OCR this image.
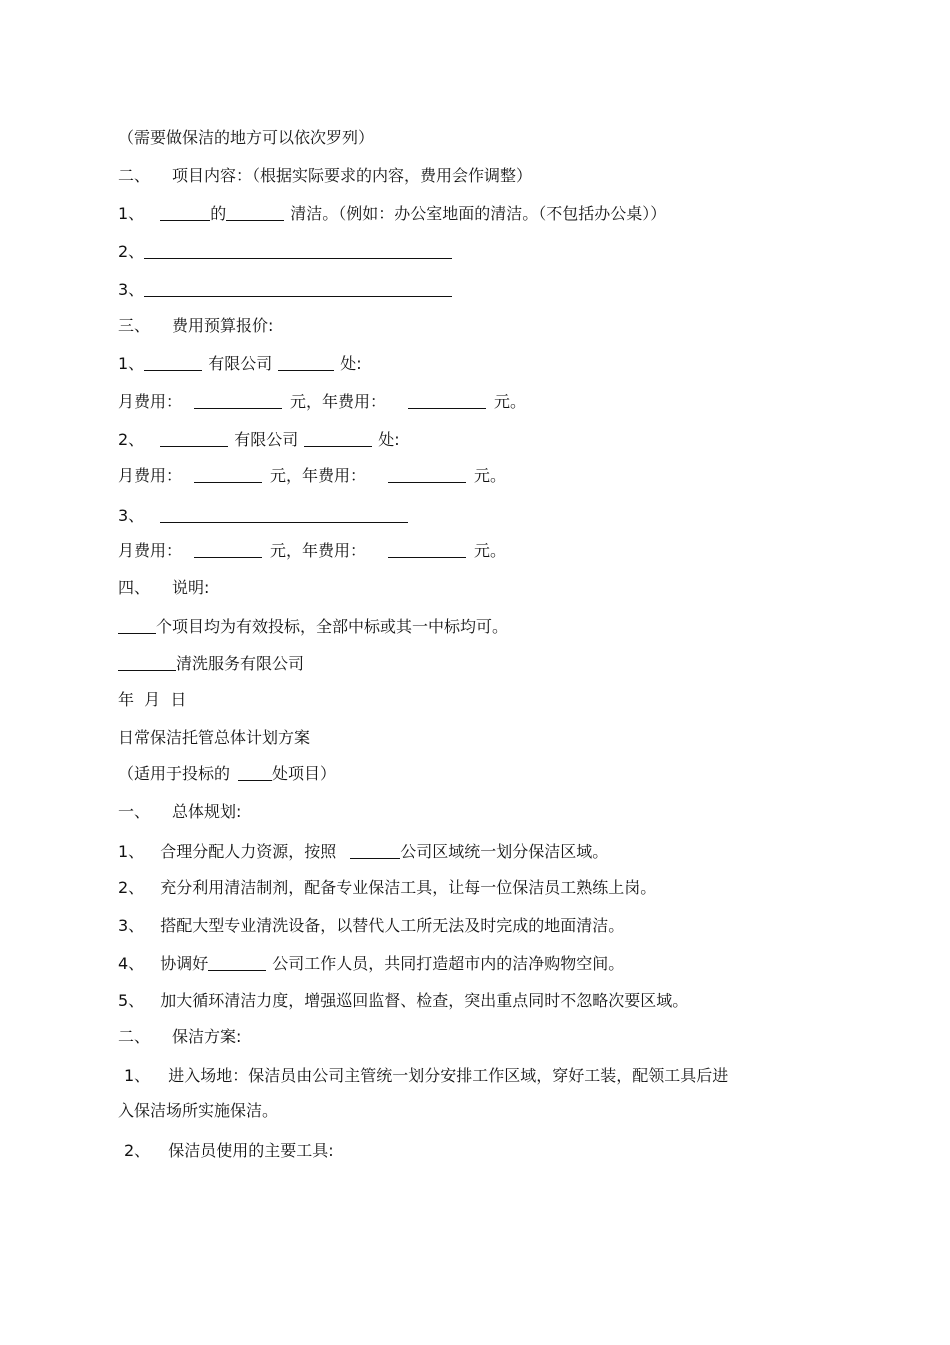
（需要做保洁的地方可以依次罗列）
二、 项目内容：（根据实际要求的内容，费用会作调整）
1、	的	清洁。（例如：办公室地面的清洁。（不包括办公桌））
2、
3、
三、 费用预算报价:
1、	有限公司	处:
月费用：	元，年费用：	元。
2、	有限公司	处:
月费用：	元，年费用：	元。
3、
月费用：	元，年费用：	元。
四、 说明:
个项目均为有效投标，全部中标或其一中标均可。
清洗服务有限公司
年  月  日
日常保洁托管总体计划方案
（适用于投标的	处项目）
一、 总体规划:
1、 合理分配人力资源，按照	公司区域统一划分保洁区域。
2、 充分利用清洁制剂，配备专业保洁工具，让每一位保洁员工熟练上岗。
3、 搭配大型专业清洗设备，以替代人工所无法及时完成的地面清洁。
4、 协调好	公司工作人员，共同打造超市内的洁净购物空间。
5、 加大循环清洁力度，增强巡回监督、检查，突出重点同时不忽略次要区域。
二、 保洁方案:
1、 进入场地：保洁员由公司主管统一划分安排工作区域，穿好工装，配领工具后进
入保洁场所实施保洁。
2、 保洁员使用的主要工具:
